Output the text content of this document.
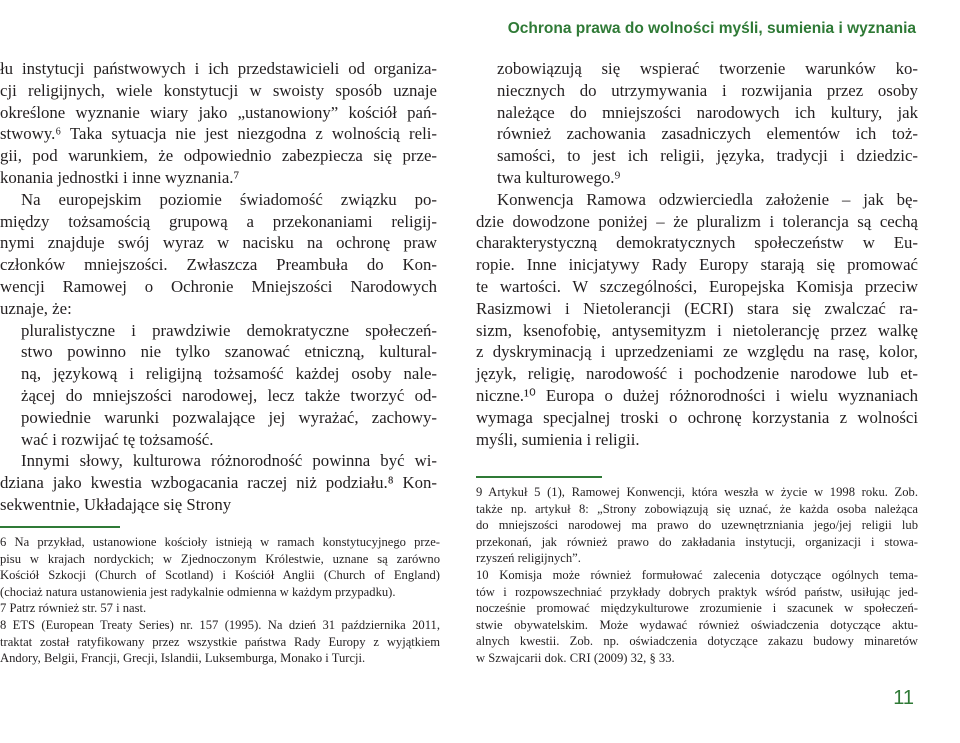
Ochrona prawa do wolności myśli, sumienia i wyznania
łu instytucji państwowych i ich przedstawicieli od organiza-
cji religijnych, wiele konstytucji w swoisty sposób uznaje
określone wyznanie wiary jako „ustanowiony” kościół pań-
stwowy.⁶ Taka sytuacja nie jest niezgodna z wolnością reli-
gii, pod warunkiem, że odpowiednio zabezpiecza się prze-
konania jednostki i inne wyznania.⁷
Na europejskim poziomie świadomość związku po-
między tożsamością grupową a przekonaniami religij-
nymi znajduje swój wyraz w nacisku na ochronę praw
członków mniejszości. Zwłaszcza Preambuła do Kon-
wencji Ramowej o Ochronie Mniejszości Narodowych
uznaje, że:
pluralistyczne i prawdziwie demokratyczne społeczeń-
stwo powinno nie tylko szanować etniczną, kultural-
ną, językową i religijną tożsamość każdej osoby nale-
żącej do mniejszości narodowej, lecz także tworzyć od-
powiednie warunki pozwalające jej wyrażać, zachowy-
wać i rozwijać tę tożsamość.
Innymi słowy, kulturowa różnorodność powinna być wi-
dziana jako kwestia wzbogacania raczej niż podziału.⁸ Kon-
sekwentnie, Układające się Strony
6 Na przykład, ustanowione kościoły istnieją w ramach konstytucyjnego prze-
pisu w krajach nordyckich; w Zjednoczonym Królestwie, uznane są zarówno
Kościół Szkocji (Church of Scotland) i Kościół Anglii (Church of England)
(chociaż natura ustanowienia jest radykalnie odmienna w każdym przypadku).
7 Patrz również str. 57 i nast.
8 ETS (European Treaty Series) nr. 157 (1995). Na dzień 31 października 2011,
traktat został ratyfikowany przez wszystkie państwa Rady Europy z wyjątkiem
Andory, Belgii, Francji, Grecji, Islandii, Luksemburga, Monako i Turcji.
zobowiązują się wspierać tworzenie warunków ko-
niecznych do utrzymywania i rozwijania przez osoby
należące do mniejszości narodowych ich kultury, jak
również zachowania zasadniczych elementów ich toż-
samości, to jest ich religii, języka, tradycji i dziedzic-
twa kulturowego.⁹
Konwencja Ramowa odzwierciedla założenie – jak bę-
dzie dowodzone poniżej – że pluralizm i tolerancja są cechą
charakterystyczną demokratycznych społeczeństw w Eu-
ropie. Inne inicjatywy Rady Europy starają się promować
te wartości. W szczególności, Europejska Komisja przeciw
Rasizmowi i Nietolerancji (ECRI) stara się zwalczać ra-
sizm, ksenofobię, antysemityzm i nietolerancję przez walkę
z dyskryminacją i uprzedzeniami ze względu na rasę, kolor,
język, religię, narodowość i pochodzenie narodowe lub et-
niczne.¹⁰ Europa o dużej różnorodności i wielu wyznaniach
wymaga specjalnej troski o ochronę korzystania z wolności
myśli, sumienia i religii.
9 Artykuł 5 (1), Ramowej Konwencji, która weszła w życie w 1998 roku. Zob.
także np. artykuł 8: „Strony zobowiązują się uznać, że każda osoba należąca
do mniejszości narodowej ma prawo do uzewnętrzniania jego/jej religii lub
przekonań, jak również prawo do zakładania instytucji, organizacji i stowa-
rzyszeń religijnych”.
10 Komisja może również formułować zalecenia dotyczące ogólnych tema-
tów i rozpowszechniać przykłady dobrych praktyk wśród państw, usiłując jed-
nocześnie promować międzykulturowe zrozumienie i szacunek w społeczeń-
stwie obywatelskim. Może wydawać również oświadczenia dotyczące aktu-
alnych kwestii. Zob. np. oświadczenia dotyczące zakazu budowy minaretów
w Szwajcarii dok. CRI (2009) 32, § 33.
11
